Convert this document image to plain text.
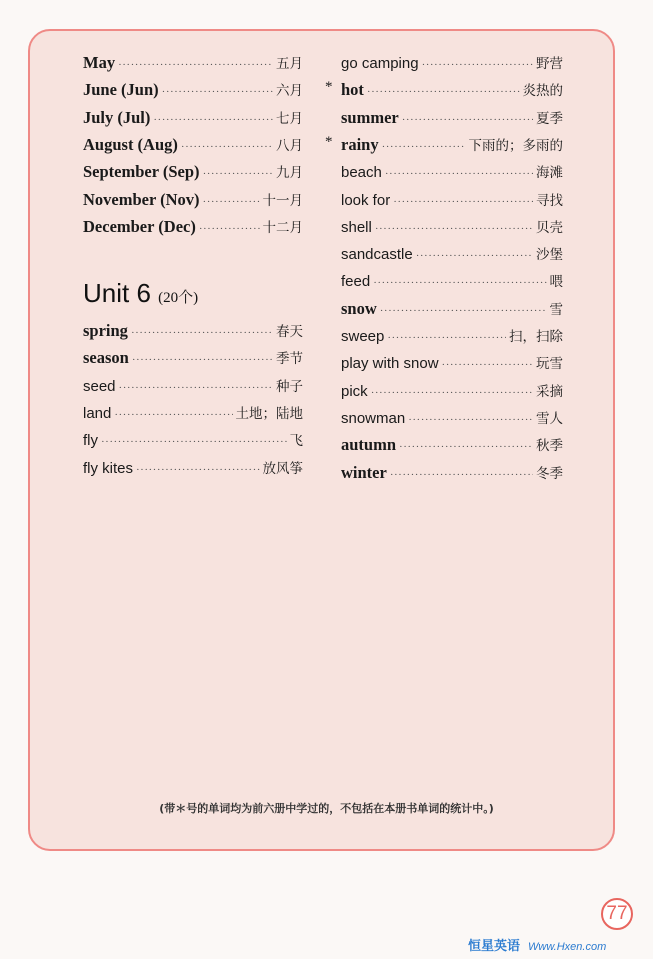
May ·····	五月
June (Jun) ·····	六月
July (Jul) ·····	七月
August (Aug) ·····	八月
September (Sep) ·····	九月
November (Nov) ·····	十一月
December (Dec) ·····	十二月
spring ·····	春天
season ·····	季节
seed ·····	种子
land ·····	土地；陆地
fly ·····	飞
fly kites ·····	放风筝
Unit 6 (20个)
go camping ·····	野营
* hot ·····	炎热的
summer ·····	夏季
* rainy ·····	下雨的；多雨的
beach ·····	海滩
look for ·····	寻找
shell ·····	贝壳
sandcastle ·····	沙堡
feed ·····	喂
snow ·····	雪
sweep ·····	扫，扫除
play with snow ·····	玩雪
pick ·····	采摘
snowman ·····	雪人
autumn ·····	秋季
winter ·····	冬季
(带＊号的单词均为前六册中学过的，不包括在本册书单词的统计中。)
77
恒星英语 Www.Hxen.com
